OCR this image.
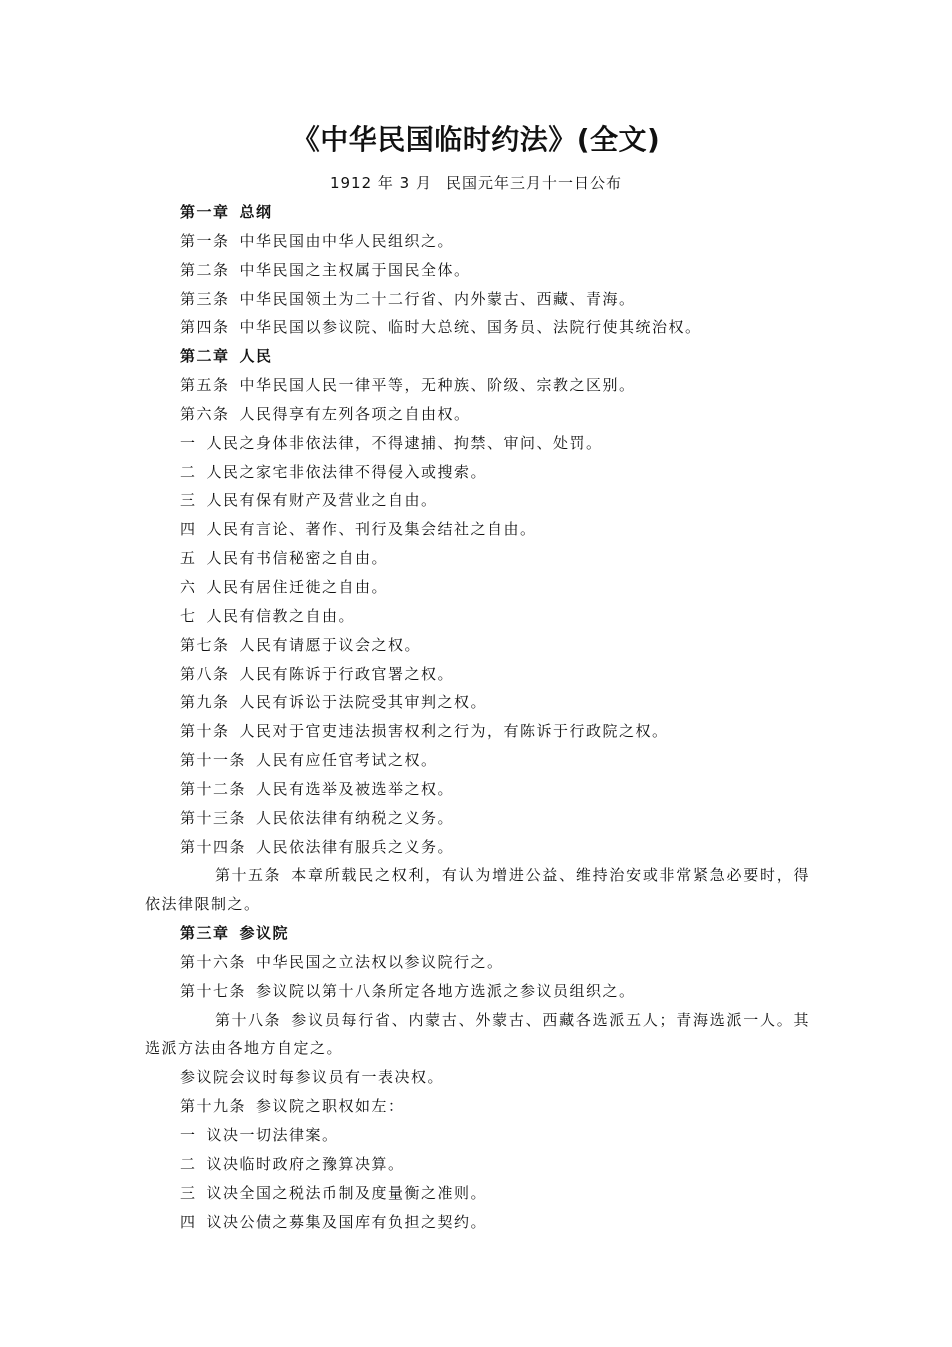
《中华民国临时约法》(全文)
1912 年 3 月 民国元年三月十一日公布
第一章 总纲
第一条 中华民国由中华人民组织之。
第二条 中华民国之主权属于国民全体。
第三条 中华民国领土为二十二行省、内外蒙古、西藏、青海。
第四条 中华民国以参议院、临时大总统、国务员、法院行使其统治权。
第二章 人民
第五条 中华民国人民一律平等，无种族、阶级、宗教之区别。
第六条 人民得享有左列各项之自由权。
一 人民之身体非依法律，不得逮捕、拘禁、审问、处罚。
二 人民之家宅非依法律不得侵入或搜索。
三 人民有保有财产及营业之自由。
四 人民有言论、著作、刊行及集会结社之自由。
五 人民有书信秘密之自由。
六 人民有居住迁徙之自由。
七 人民有信教之自由。
第七条 人民有请愿于议会之权。
第八条 人民有陈诉于行政官署之权。
第九条 人民有诉讼于法院受其审判之权。
第十条 人民对于官吏违法损害权利之行为，有陈诉于行政院之权。
第十一条 人民有应任官考试之权。
第十二条 人民有选举及被选举之权。
第十三条 人民依法律有纳税之义务。
第十四条 人民依法律有服兵之义务。
第十五条 本章所载民之权利，有认为增进公益、维持治安或非常紧急必要时，得依法律限制之。
第三章 参议院
第十六条 中华民国之立法权以参议院行之。
第十七条 参议院以第十八条所定各地方选派之参议员组织之。
第十八条 参议员每行省、内蒙古、外蒙古、西藏各选派五人；青海选派一人。其选派方法由各地方自定之。
参议院会议时每参议员有一表决权。
第十九条 参议院之职权如左：
一 议决一切法律案。
二 议决临时政府之豫算决算。
三 议决全国之税法币制及度量衡之准则。
四 议决公债之募集及国库有负担之契约。
